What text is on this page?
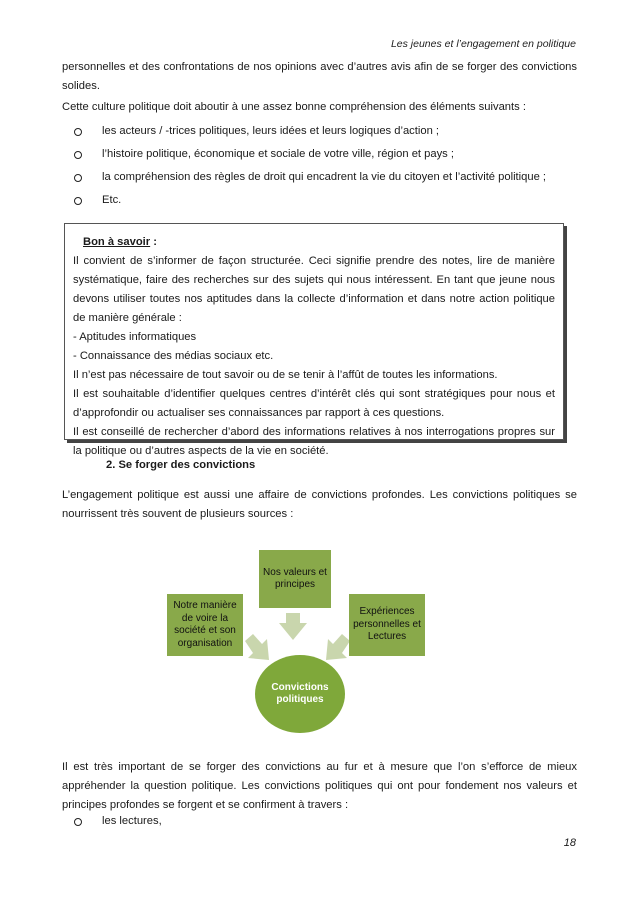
Les jeunes et l’engagement en politique
personnelles et des confrontations de nos opinions avec d’autres avis afin de se forger des convictions solides.
Cette culture politique doit aboutir à une assez bonne compréhension des éléments suivants :
les acteurs / -trices politiques, leurs idées et leurs logiques d’action ;
l’histoire politique, économique et sociale de votre ville, région et pays ;
la compréhension des règles de droit qui encadrent la vie du citoyen et l’activité politique ;
Etc.
Bon à savoir :
Il convient de s’informer de façon structurée. Ceci signifie prendre des notes, lire de manière systématique, faire des recherches sur des sujets qui nous intéressent. En tant que jeune nous devons utiliser toutes nos aptitudes dans la collecte d’information et dans notre action politique de manière générale :
- Aptitudes informatiques
- Connaissance des médias sociaux etc.
Il n’est pas nécessaire de tout savoir ou de se tenir à l’affût de toutes les informations.
Il est souhaitable d’identifier quelques centres d’intérêt clés qui sont stratégiques pour nous et d’approfondir ou actualiser ses connaissances par rapport à ces questions.
Il est conseillé de rechercher d’abord des informations relatives à nos interrogations propres sur la politique ou d’autres aspects de la vie en société.
2. Se forger des convictions
L’engagement politique est aussi une affaire de convictions profondes. Les convictions politiques se nourrissent très souvent de plusieurs sources :
Nos valeurs et principes
Notre manière de voire la société et son organisation
Expériences personnelles et Lectures
Convictions politiques
Il est très important de se forger des convictions au fur et à mesure que l’on s’efforce de mieux appréhender la question politique. Les convictions politiques qui ont pour fondement nos valeurs et principes profondes se forgent et se confirment à travers :
les lectures,
18
